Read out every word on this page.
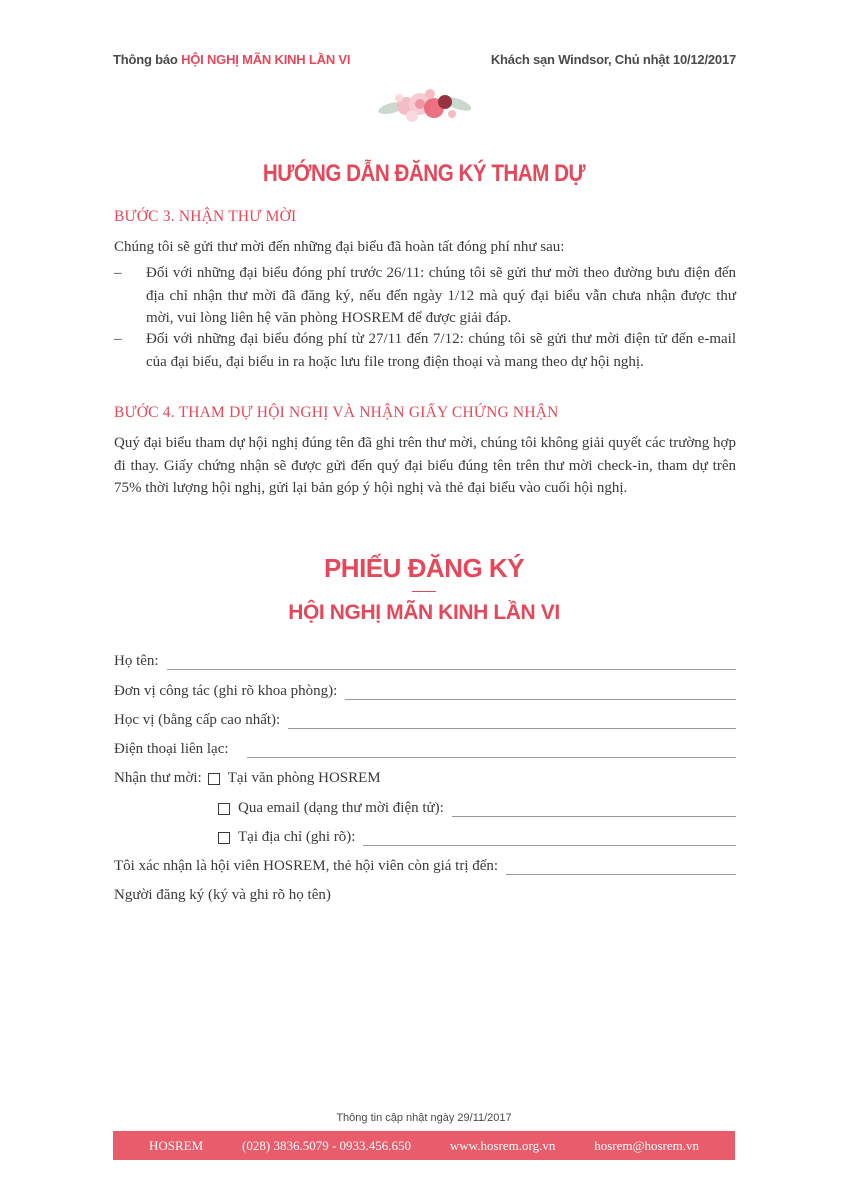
Thông báo HỘI NGHỊ MÃN KINH LẦN VI	Khách sạn Windsor, Chủ nhật 10/12/2017
HƯỚNG DẪN ĐĂNG KÝ THAM DỰ
BƯỚC 3. NHẬN THƯ MỜI
Chúng tôi sẽ gửi thư mời đến những đại biểu đã hoàn tất đóng phí như sau:
– Đối với những đại biểu đóng phí trước 26/11: chúng tôi sẽ gửi thư mời theo đường bưu điện đến địa chỉ nhận thư mời đã đăng ký, nếu đến ngày 1/12 mà quý đại biểu vẫn chưa nhận được thư mời, vui lòng liên hệ văn phòng HOSREM để được giải đáp.
– Đối với những đại biểu đóng phí từ 27/11 đến 7/12: chúng tôi sẽ gửi thư mời điện tử đến e-mail của đại biểu, đại biểu in ra hoặc lưu file trong điện thoại và mang theo dự hội nghị.
BƯỚC 4. THAM DỰ HỘI NGHỊ VÀ NHẬN GIẤY CHỨNG NHẬN
Quý đại biểu tham dự hội nghị đúng tên đã ghi trên thư mời, chúng tôi không giải quyết các trường hợp đi thay. Giấy chứng nhận sẽ được gửi đến quý đại biểu đúng tên trên thư mời check-in, tham dự trên 75% thời lượng hội nghị, gửi lại bản góp ý hội nghị và thẻ đại biểu vào cuối hội nghị.
PHIẾU ĐĂNG KÝ
HỘI NGHỊ MÃN KINH LẦN VI
Họ tên:
Đơn vị công tác (ghi rõ khoa phòng):
Học vị (bằng cấp cao nhất):
Điện thoại liên lạc:
Nhận thư mời: Tại văn phòng HOSREM
Qua email (dạng thư mời điện tử):
Tại địa chỉ (ghi rõ):
Tôi xác nhận là hội viên HOSREM, thẻ hội viên còn giá trị đến:
Người đăng ký (ký và ghi rõ họ tên)
Thông tin cập nhật ngày 29/11/2017
HOSREM	(028) 3836.5079 - 0933.456.650	www.hosrem.org.vn	hosrem@hosrem.vn
